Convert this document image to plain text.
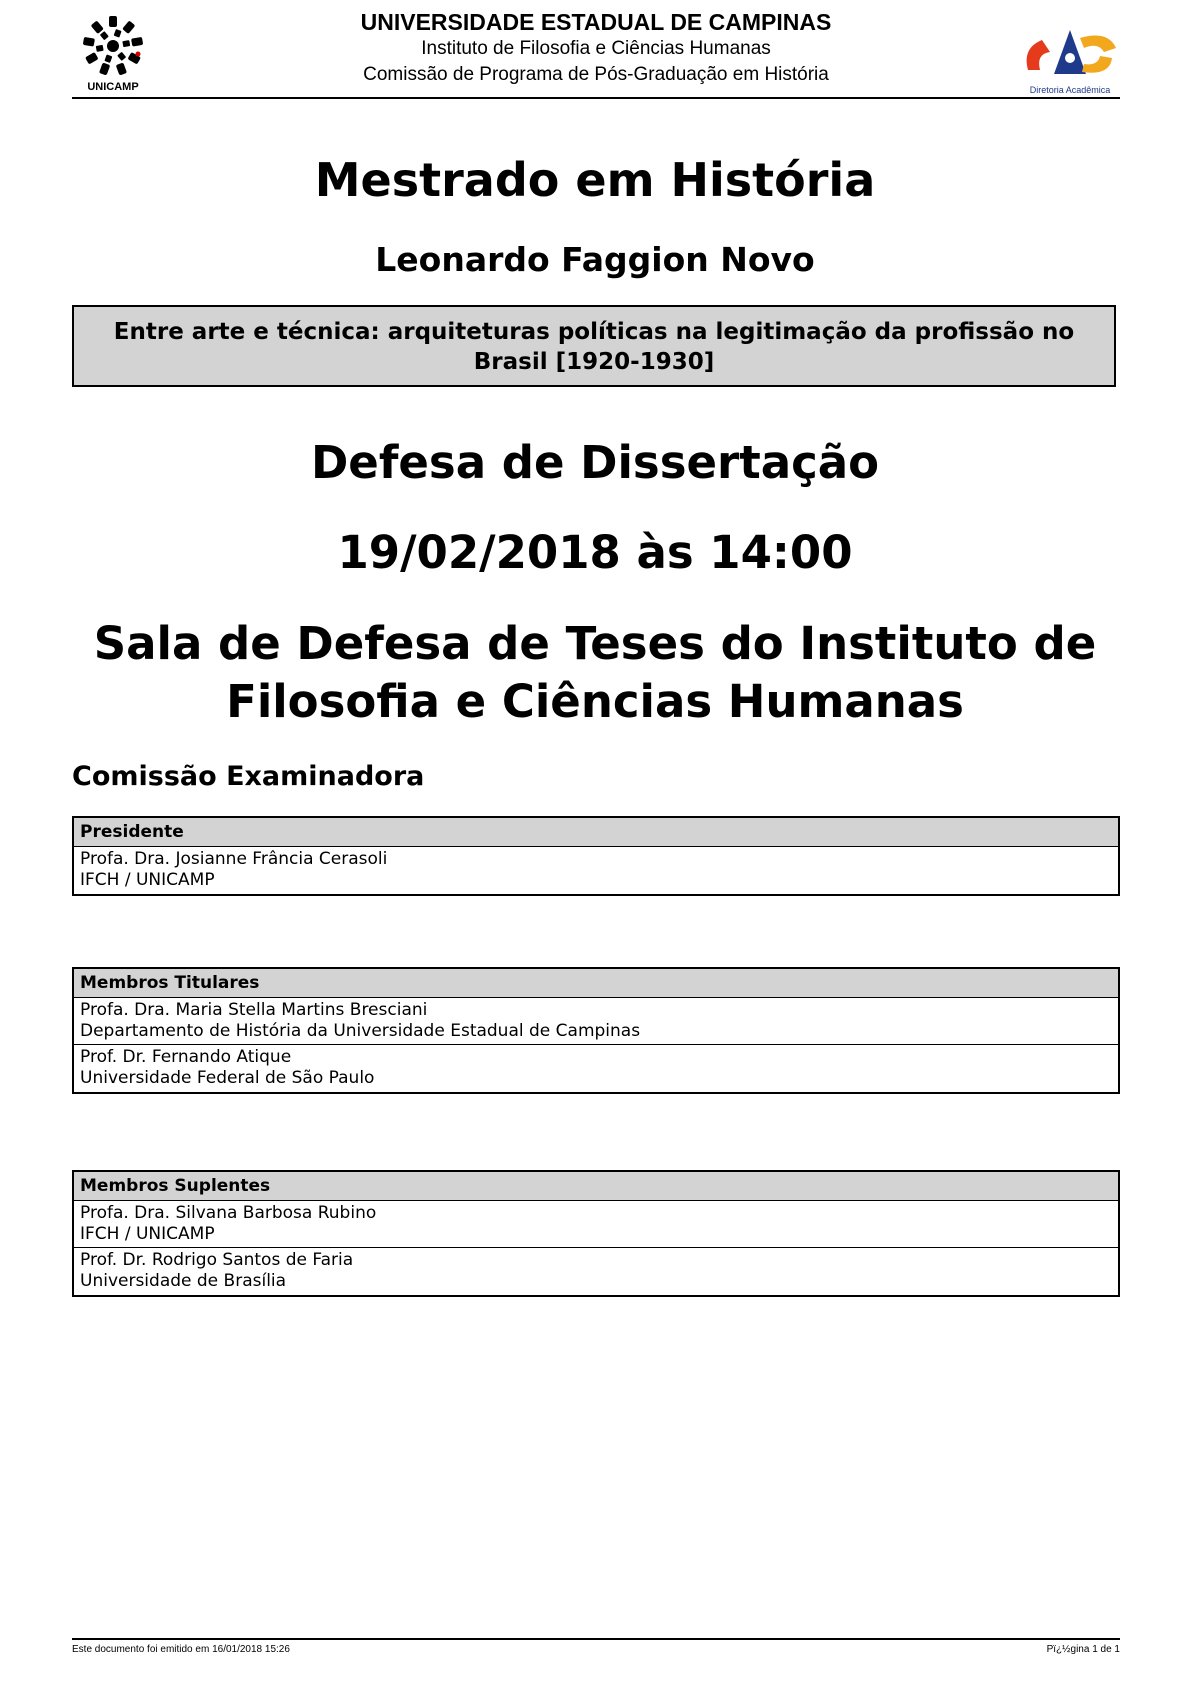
UNICAMP
UNIVERSIDADE ESTADUAL DE CAMPINAS
Instituto de Filosofia e Ciências Humanas
Comissão de Programa de Pós-Graduação em História
Diretoria Acadêmica
Mestrado em História
Leonardo Faggion Novo
Entre arte e técnica: arquiteturas políticas na legitimação da profissão no Brasil [1920-1930]
Defesa de Dissertação
19/02/2018 às 14:00
Sala de Defesa de Teses do Instituto de Filosofia e Ciências Humanas
Comissão Examinadora
Presidente
Profa. Dra. Josianne Frância Cerasoli
IFCH / UNICAMP
Membros Titulares
Profa. Dra. Maria Stella Martins Bresciani
Departamento de História da Universidade Estadual de Campinas
Prof. Dr. Fernando Atique
Universidade Federal de São Paulo
Membros Suplentes
Profa. Dra. Silvana Barbosa Rubino
IFCH / UNICAMP
Prof. Dr. Rodrigo Santos de Faria
Universidade de Brasília
Este documento foi emitido em 16/01/2018 15:26	Pï¿½gina 1 de 1
